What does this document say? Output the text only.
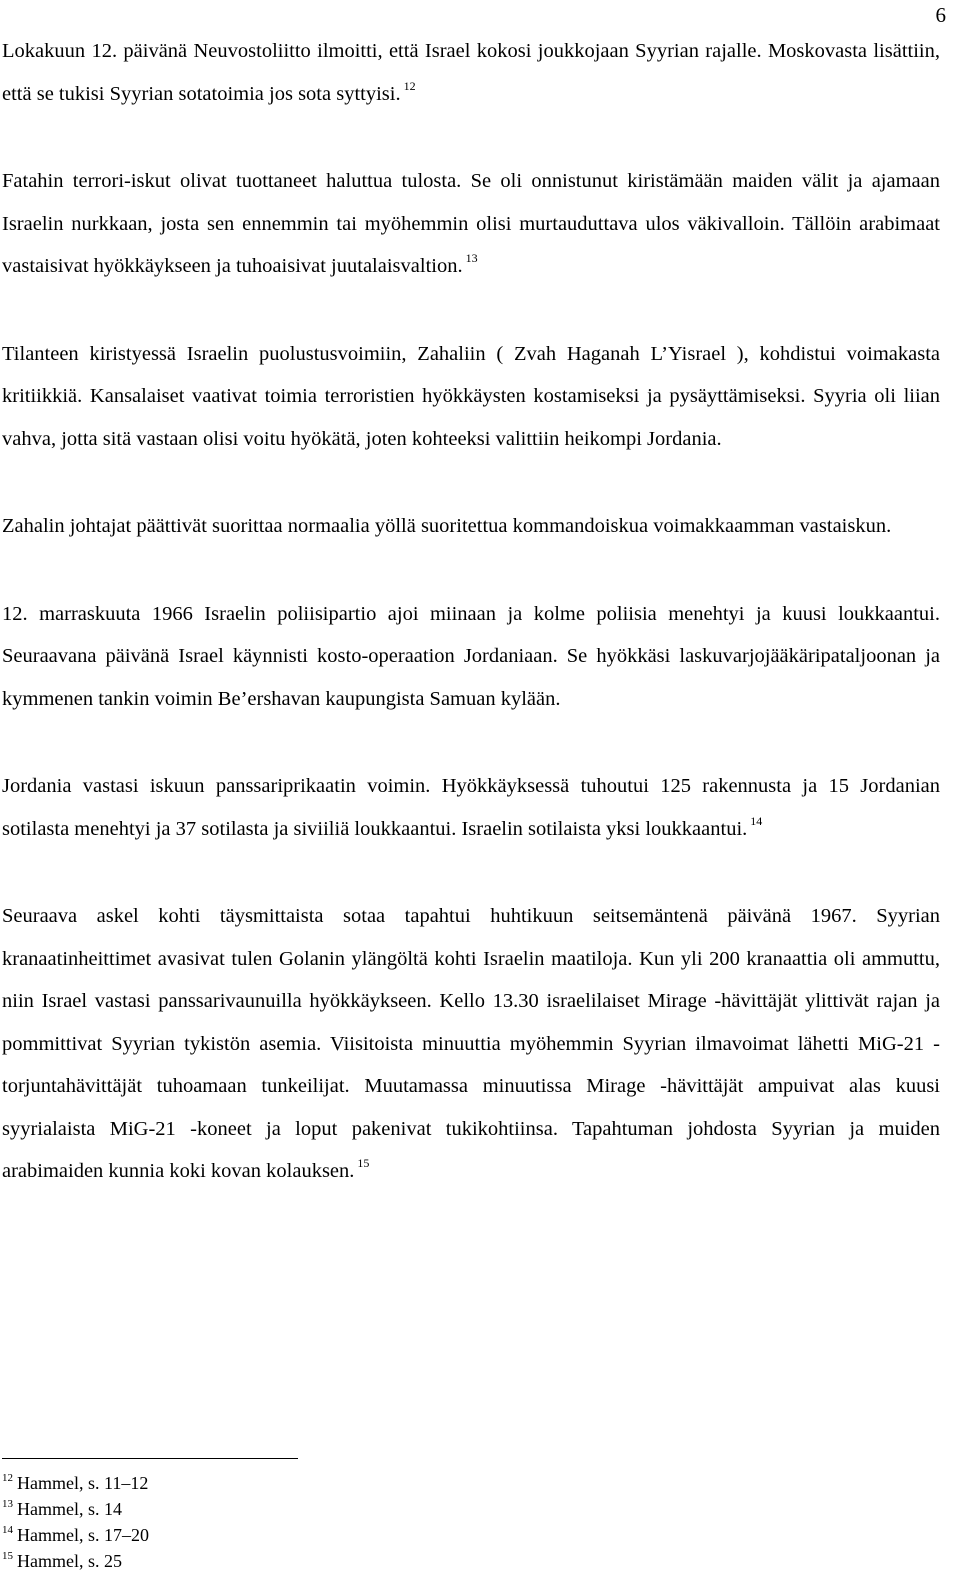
6

Lokakuun 12. päivänä Neuvostoliitto ilmoitti, että Israel kokosi joukkojaan Syyrian rajalle. Moskovasta lisättiin, että se tukisi Syyrian sotatoimia jos sota syttyisi. $^{12}$

Fatahin terrori-iskut olivat tuottaneet haluttua tulosta. Se oli onnistunut kiristämään maiden välit ja ajamaan Israelin nurkkaan, josta sen ennemmin tai myöhemmin olisi murtauduttava ulos väkivalloin. Tällöin arabimaat vastaisivat hyökkäykseen ja tuhoaisivat juutalaisvaltion. $^{13}$

Tilanteen kiristyessä Israelin puolustusvoimiin, Zahaliin ( Zvah Haganah L’Yisrael ), kohdistui voimakasta kritiikkiä. Kansalaiset vaativat toimia terroristien hyökkäysten kostamiseksi ja pysäyttämiseksi. Syyria oli liian vahva, jotta sitä vastaan olisi voitu hyökätä, joten kohteeksi valittiin heikompi Jordania.

Zahalin johtajat päättivät suorittaa normaalia yöllä suoritettua kommandoiskua voimakkaamman vastaiskun.

12. marraskuuta 1966 Israelin poliisipartio ajoi miinaan ja kolme poliisia menehtyi ja kuusi loukkaantui. Seuraavana päivänä Israel käynnisti kosto-operaation Jordaniaan. Se hyökkäsi laskuvarjojääkäripataljoonan ja kymmenen tankin voimin Be’ershavan kaupungista Samuan kylään.

Jordania vastasi iskuun panssariprikaatin voimin. Hyökkäyksessä tuhoutui 125 rakennusta ja 15 Jordanian sotilasta menehtyi ja 37 sotilasta ja siviiliä loukkaantui. Israelin sotilaista yksi loukkaantui. $^{14}$

Seuraava askel kohti täysmittaista sotaa tapahtui huhtikuun seitsemäntenä päivänä 1967. Syyrian kranaatinheittimet avasivat tulen Golanin ylängöltä kohti Israelin maatiloja. Kun yli 200 kranaattia oli ammuttu, niin Israel vastasi panssarivaunuilla hyökkäykseen. Kello 13.30 israelilaiset Mirage -hävittäjät ylittivät rajan ja pommittivat Syyrian tykistön asemia. Viisitoista minuuttia myöhemmin Syyrian ilmavoimat lähetti MiG-21 -torjuntahävittäjät tuhoamaan tunkeilijat. Muutamassa minuutissa Mirage -hävittäjät ampuivat alas kuusi syyrialaista MiG-21 -koneet ja loput pakenivat tukikohtiinsa. Tapahtuman johdosta Syyrian ja muiden arabimaiden kunnia koki kovan kolauksen. $^{15}$

$^{12}$ Hammel, s. 11–12
$^{13}$ Hammel, s. 14
$^{14}$ Hammel, s. 17–20
$^{15}$ Hammel, s. 25
